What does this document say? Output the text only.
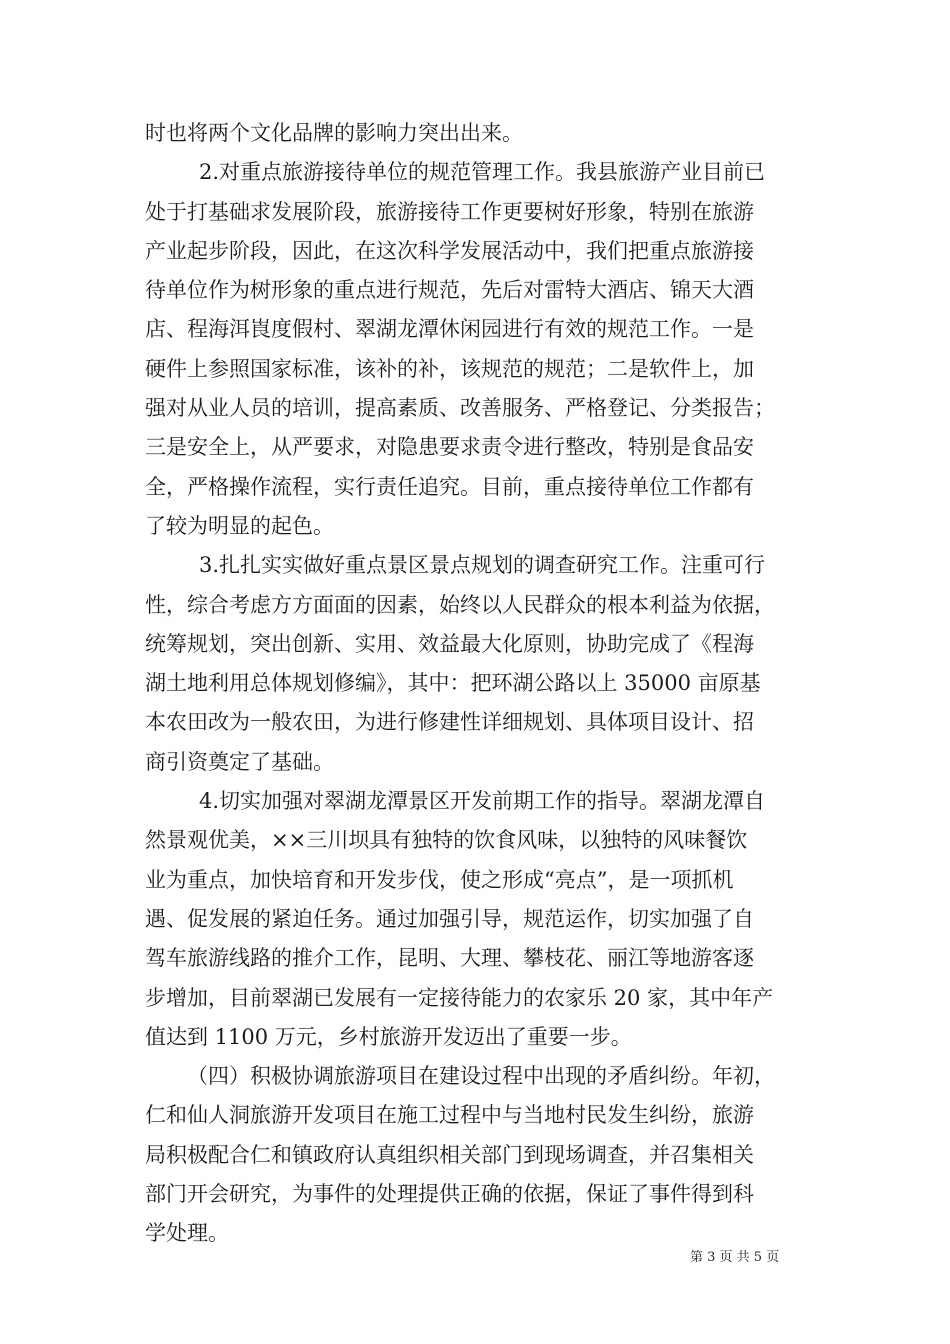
时也将两个文化品牌的影响力突出出来。
2.对重点旅游接待单位的规范管理工作。我县旅游产业目前已
处于打基础求发展阶段，旅游接待工作更要树好形象，特别在旅游
产业起步阶段，因此，在这次科学发展活动中，我们把重点旅游接
待单位作为树形象的重点进行规范，先后对雷特大酒店、锦天大酒
店、程海洱崀度假村、翠湖龙潭休闲园进行有效的规范工作。一是
硬件上参照国家标准，该补的补，该规范的规范；二是软件上，加
强对从业人员的培训，提高素质、改善服务、严格登记、分类报告；
三是安全上，从严要求，对隐患要求责令进行整改，特别是食品安
全，严格操作流程，实行责任追究。目前，重点接待单位工作都有
了较为明显的起色。
3.扎扎实实做好重点景区景点规划的调查研究工作。注重可行
性，综合考虑方方面面的因素，始终以人民群众的根本利益为依据，
统筹规划，突出创新、实用、效益最大化原则，协助完成了《程海
湖土地利用总体规划修编》，其中：把环湖公路以上 35000 亩原基
本农田改为一般农田，为进行修建性详细规划、具体项目设计、招
商引资奠定了基础。
4.切实加强对翠湖龙潭景区开发前期工作的指导。翠湖龙潭自
然景观优美，××三川坝具有独特的饮食风味，以独特的风味餐饮
业为重点，加快培育和开发步伐，使之形成“亮点”，是一项抓机
遇、促发展的紧迫任务。通过加强引导，规范运作，切实加强了自
驾车旅游线路的推介工作，昆明、大理、攀枝花、丽江等地游客逐
步增加，目前翠湖已发展有一定接待能力的农家乐 20 家，其中年产
值达到 1100 万元，乡村旅游开发迈出了重要一步。
（四）积极协调旅游项目在建设过程中出现的矛盾纠纷。年初，
仁和仙人洞旅游开发项目在施工过程中与当地村民发生纠纷，旅游
局积极配合仁和镇政府认真组织相关部门到现场调查，并召集相关
部门开会研究，为事件的处理提供正确的依据，保证了事件得到科
学处理。
第 3 页 共 5 页
